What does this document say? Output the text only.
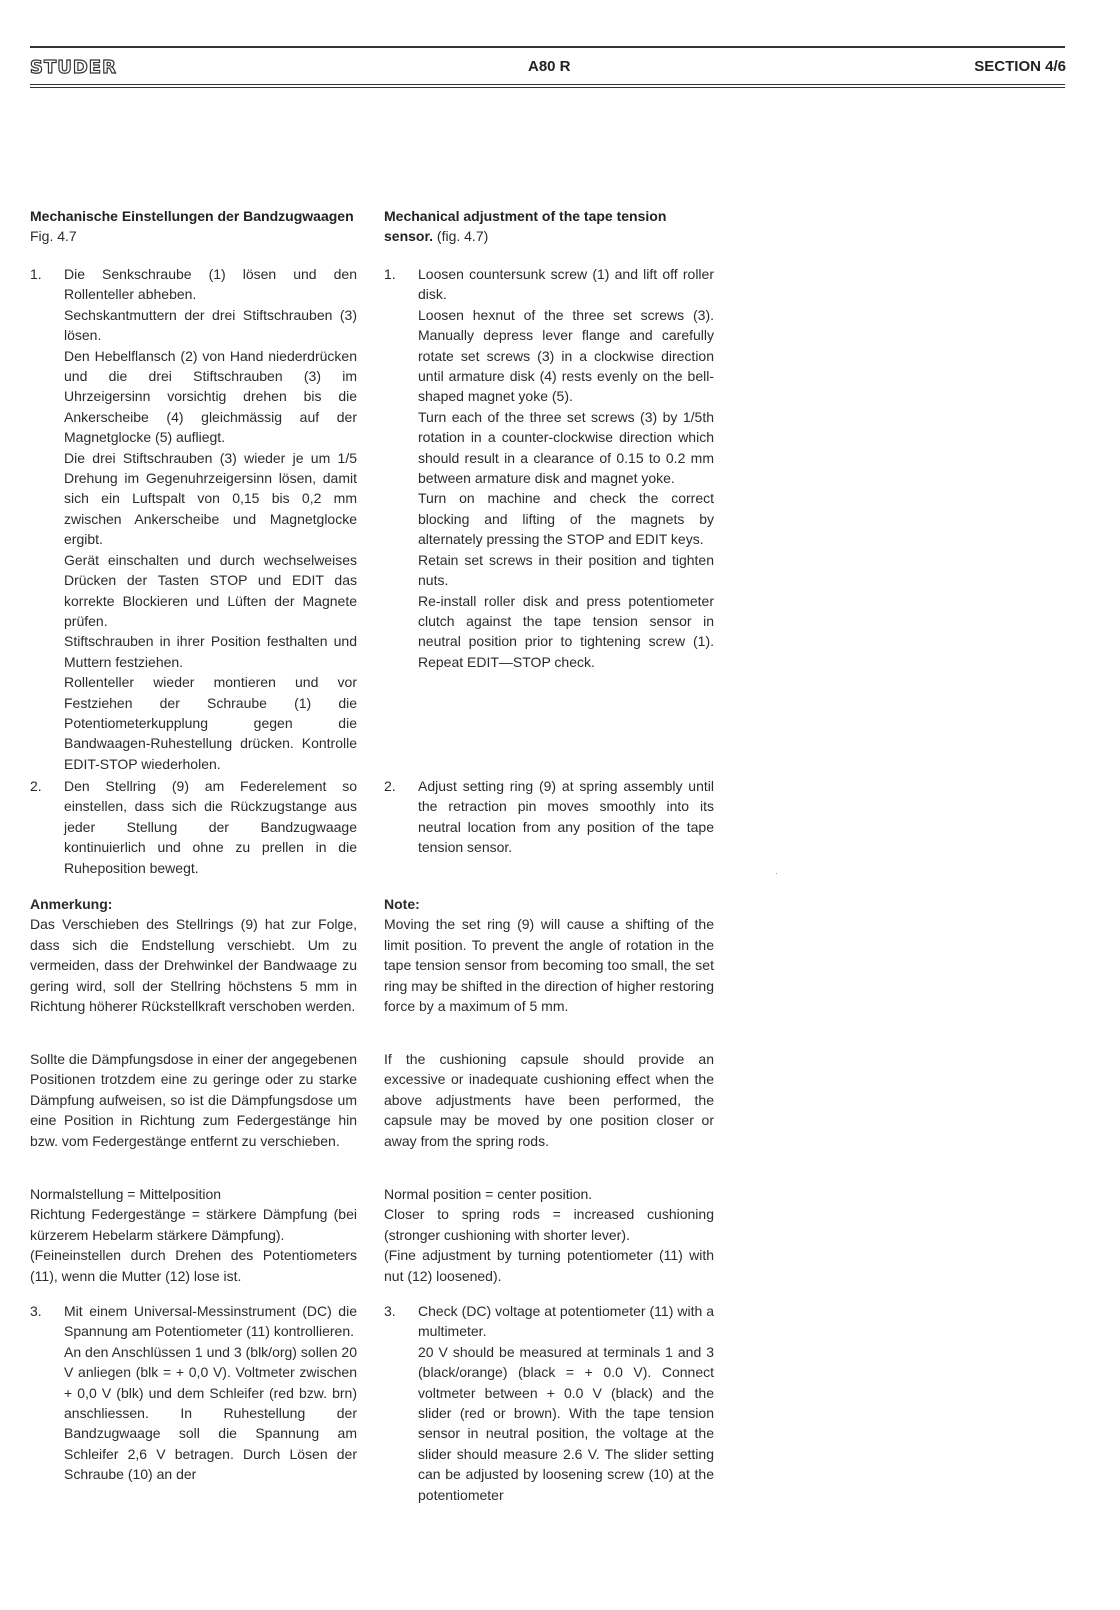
STUDER	A80 R	SECTION 4/6
Mechanische Einstellungen der Bandzugwaagen
Fig. 4.7
1. Die Senkschraube (1) lösen und den Rollenteller abheben.

Sechskantmuttern der drei Stiftschrauben (3) lösen.

Den Hebelflansch (2) von Hand niederdrücken und die drei Stiftschrauben (3) im Uhrzeigersinn vorsichtig drehen bis die Ankerscheibe (4) gleichmässig auf der Magnetglocke (5) aufliegt.

Die drei Stiftschrauben (3) wieder je um 1/5 Drehung im Gegenuhrzeigersinn lösen, damit sich ein Luftspalt von 0,15 bis 0,2 mm zwischen Ankerscheibe und Magnetglocke ergibt.

Gerät einschalten und durch wechselweises Drücken der Tasten STOP und EDIT das korrekte Blockieren und Lüften der Magnete prüfen.

Stiftschrauben in ihrer Position festhalten und Muttern festziehen.

Rollenteller wieder montieren und vor Festziehen der Schraube (1) die Potentiometerkupplung gegen die Bandwaagen-Ruhestellung drücken. Kontrolle EDIT-STOP wiederholen.

2. Den Stellring (9) am Federelement so einstellen, dass sich die Rückzugstange aus jeder Stellung der Bandzugwaage kontinuierlich und ohne zu prellen in die Ruheposition bewegt.

Anmerkung:

Das Verschieben des Stellrings (9) hat zur Folge, dass sich die Endstellung verschiebt. Um zu vermeiden, dass der Drehwinkel der Bandwaage zu gering wird, soll der Stellring höchstens 5 mm in Richtung höherer Rückstellkraft verschoben werden.

Sollte die Dämpfungsdose in einer der angegebenen Positionen trotzdem eine zu geringe oder zu starke Dämpfung aufweisen, so ist die Dämpfungsdose um eine Position in Richtung zum Federgestänge hin bzw. vom Federgestänge entfernt zu verschieben.

Normalstellung = Mittelposition

Richtung Federgestänge = stärkere Dämpfung (bei kürzerem Hebelarm stärkere Dämpfung).

(Feineinstellen durch Drehen des Potentiometers (11), wenn die Mutter (12) lose ist.

3. Mit einem Universal-Messinstrument (DC) die Spannung am Potentiometer (11) kontrollieren.

An den Anschlüssen 1 und 3 (blk/org) sollen 20 V anliegen (blk = + 0,0 V). Voltmeter zwischen + 0,0 V (blk) und dem Schleifer (red bzw. brn) anschliessen. In Ruhestellung der Bandzugwaage soll die Spannung am Schleifer 2,6 V betragen. Durch Lösen der Schraube (10) an der

Mechanical adjustment of the tape tension
sensor. (fig. 4.7)
1. Loosen countersunk screw (1) and lift off roller disk.

Loosen hexnut of the three set screws (3). Manually depress lever flange and carefully rotate set screws (3) in a clockwise direction until armature disk (4) rests evenly on the bell-shaped magnet yoke (5).

Turn each of the three set screws (3) by 1/5th rotation in a counter-clockwise direction which should result in a clearance of 0.15 to 0.2 mm between armature disk and magnet yoke.

Turn on machine and check the correct blocking and lifting of the magnets by alternately pressing the STOP and EDIT keys.

Retain set screws in their position and tighten nuts.

Re-install roller disk and press potentiometer clutch against the tape tension sensor in neutral position prior to tightening screw (1). Repeat EDIT—STOP check.

2. Adjust setting ring (9) at spring assembly until the retraction pin moves smoothly into its neutral location from any position of the tape tension sensor.

Note:

Moving the set ring (9) will cause a shifting of the limit position. To prevent the angle of rotation in the tape tension sensor from becoming too small, the set ring may be shifted in the direction of higher restoring force by a maximum of 5 mm.

If the cushioning capsule should provide an excessive or inadequate cushioning effect when the above adjustments have been performed, the capsule may be moved by one position closer or away from the spring rods.

Normal position = center position.

Closer to spring rods = increased cushioning (stronger cushioning with shorter lever).

(Fine adjustment by turning potentiometer (11) with nut (12) loosened).

3. Check (DC) voltage at potentiometer (11) with a multimeter.

20 V should be measured at terminals 1 and 3 (black/orange) (black = + 0.0 V). Connect voltmeter between + 0.0 V (black) and the slider (red or brown). With the tape tension sensor in neutral position, the voltage at the slider should measure 2.6 V. The slider setting can be adjusted by loosening screw (10) at the potentiometer
